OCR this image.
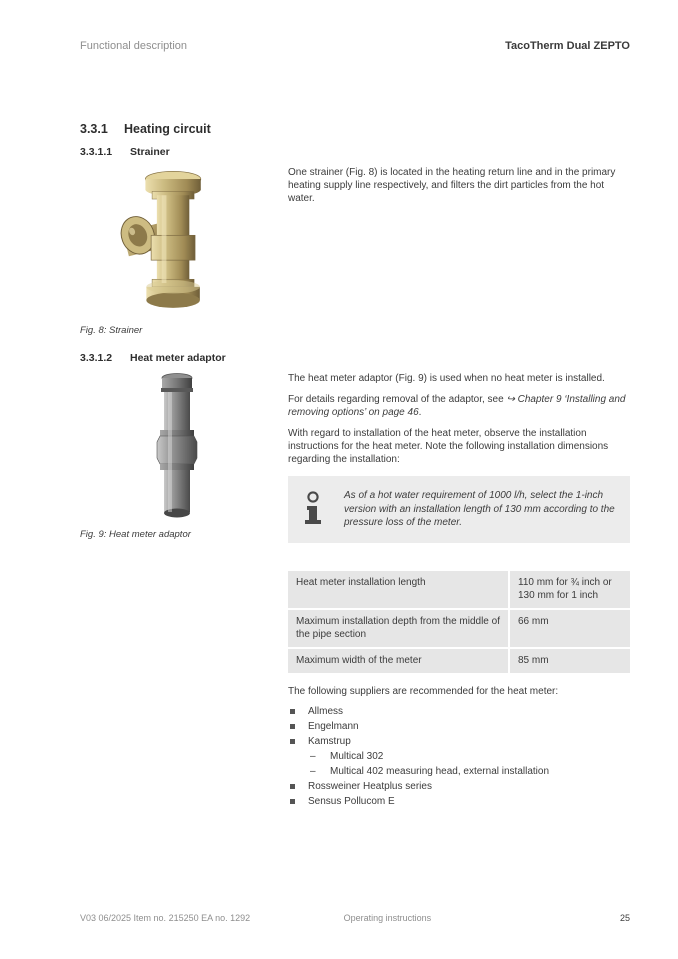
Functional description	TacoTherm Dual ZEPTO
3.3.1 Heating circuit
3.3.1.1 Strainer
Fig. 8: Strainer

One strainer (Fig. 8) is located in the heating return line and in the primary heating supply line respectively, and filters the dirt particles from the hot water.

3.3.1.2 Heat meter adaptor
Fig. 9: Heat meter adaptor

The heat meter adaptor (Fig. 9) is used when no heat meter is installed.

For details regarding removal of the adaptor, see ↪ Chapter 9 ‘Installing and removing options’ on page 46.

With regard to installation of the heat meter, observe the installation instructions for the heat meter. Note the following installation dimensions regarding the installation:

As of a hot water requirement of 1000 l/h, select the 1-inch version with an installation length of 130 mm according to the pressure loss of the meter.
Heat meter installation length	110 mm for ¾ inch or 130 mm for 1 inch
Maximum installation depth from the middle of the pipe section	66 mm
Maximum width of the meter	85 mm

The following suppliers are recommended for the heat meter:

Allmess
Engelmann
Kamstrup
–	Multical 302
–	Multical 402 measuring head, external installation
Rossweiner Heatplus series
Sensus Pollucom E
V03 06/2025 Item no. 215250 EA no. 1292	Operating instructions	25
